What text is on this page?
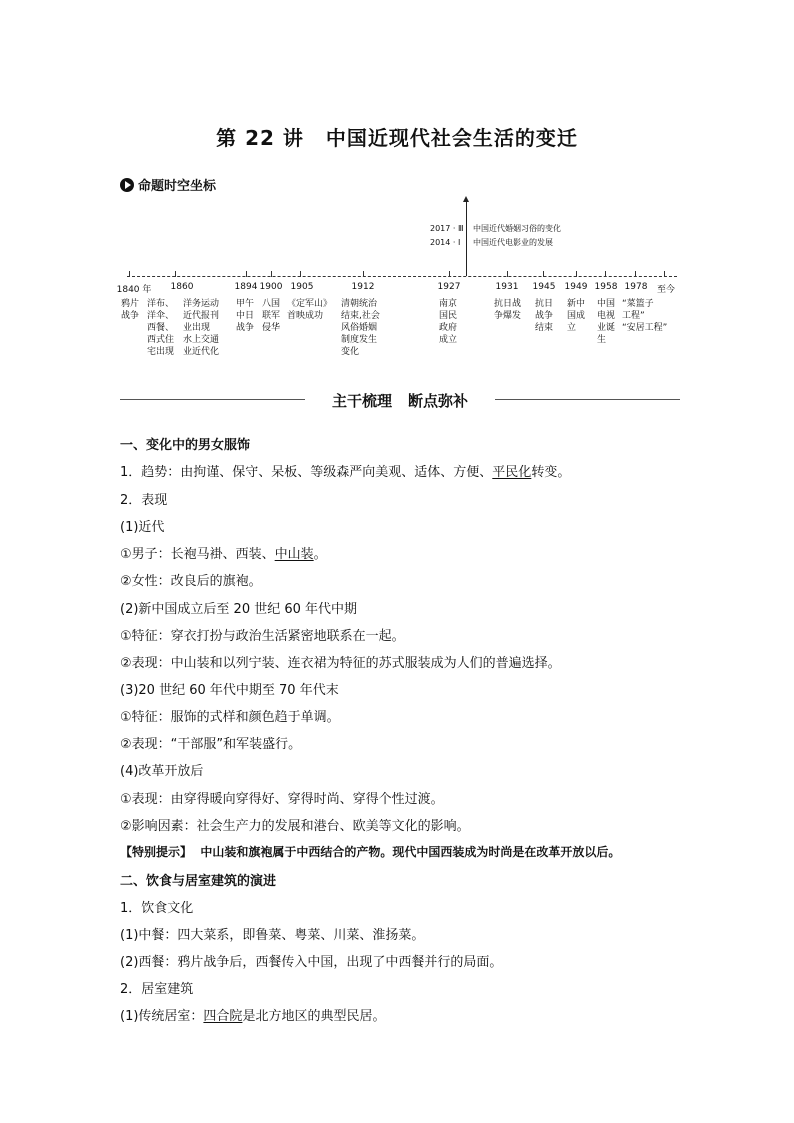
第 22 讲 中国近现代社会生活的变迁
命题时空坐标
2017 · Ⅲ 中国近代婚姻习俗的变化
2014 · Ⅰ 中国近代电影业的发展
1840 年 1860	1894 1900 1905	1912	1927	1931 1945 1949 1958 1978 至今
鸦片
战争
洋布、
洋伞、
西餐、
西式住
宅出现
洋务运动
近代报刊
业出现
水上交通
业近代化
甲午
中日
战争
八国
联军
侵华
《定军山》
首映成功
清朝统治
结束,社会
风俗婚姻
制度发生
变化
南京
国民
政府
成立
抗日战
争爆发
抗日
战争
结束
新中
国成
立
中国
电视
业诞
生
“菜篮子
工程”
“安居工程”
主干梳理 断点弥补
一、变化中的男女服饰
1．趋势：由拘谨、保守、呆板、等级森严向美观、适体、方便、平民化转变。
2．表现
(1)近代
①男子：长袍马褂、西装、中山装。
②女性：改良后的旗袍。
(2)新中国成立后至 20 世纪 60 年代中期
①特征：穿衣打扮与政治生活紧密地联系在一起。
②表现：中山装和以列宁装、连衣裙为特征的苏式服装成为人们的普遍选择。
(3)20 世纪 60 年代中期至 70 年代末
①特征：服饰的式样和颜色趋于单调。
②表现：“干部服”和军装盛行。
(4)改革开放后
①表现：由穿得暖向穿得好、穿得时尚、穿得个性过渡。
②影响因素：社会生产力的发展和港台、欧美等文化的影响。
【特别提示】 中山装和旗袍属于中西结合的产物。现代中国西装成为时尚是在改革开放以后。
二、饮食与居室建筑的演进
1．饮食文化
(1)中餐：四大菜系，即鲁菜、粤菜、川菜、淮扬菜。
(2)西餐：鸦片战争后，西餐传入中国，出现了中西餐并行的局面。
2．居室建筑
(1)传统居室：四合院是北方地区的典型民居。
